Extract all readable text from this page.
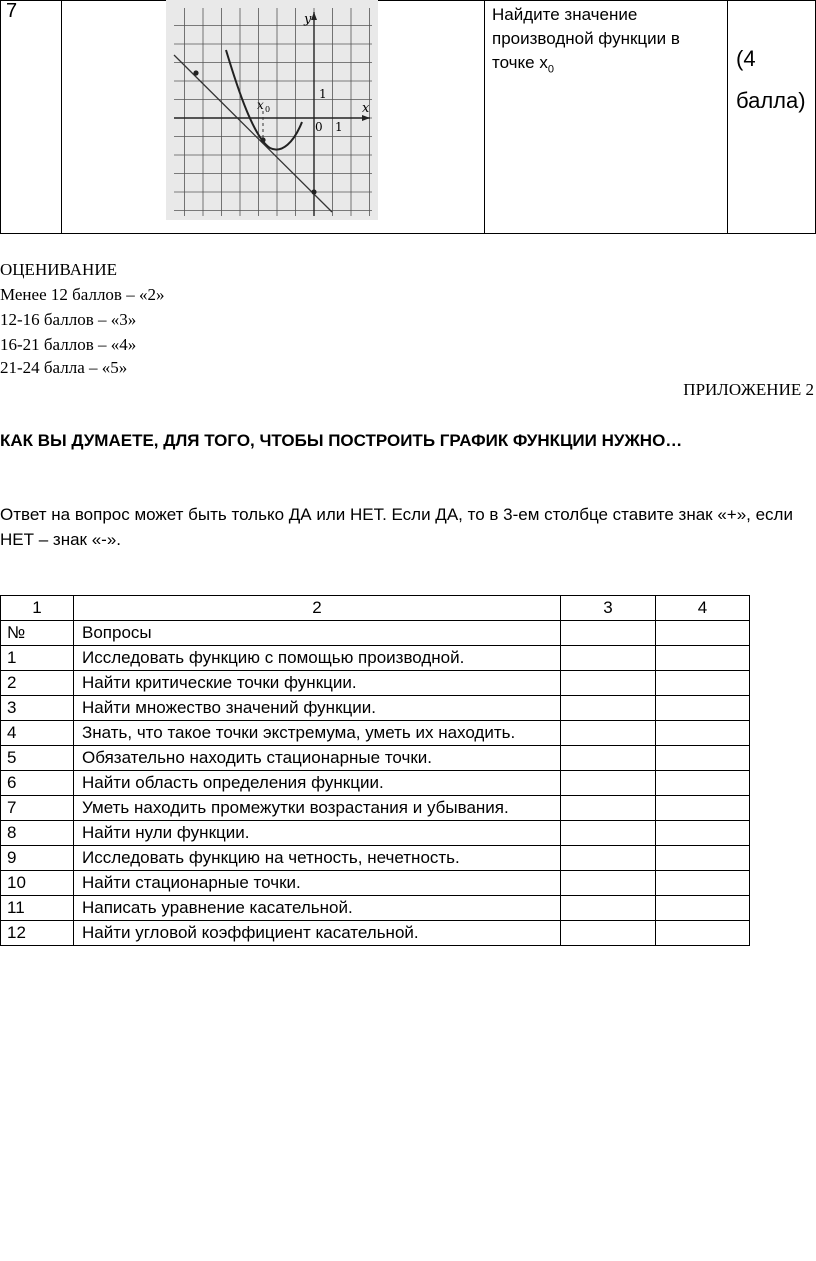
7	y
x
x 0
1
0 1
Найдите значение производной функции в точке $х_0$	(4
балла)
ОЦЕНИВАНИЕ
Менее 12 баллов – «2»
12-16 баллов – «3»
16-21 баллов – «4»
21-24 балла – «5»
ПРИЛОЖЕНИЕ 2
КАК ВЫ ДУМАЕТЕ, ДЛЯ ТОГО, ЧТОБЫ ПОСТРОИТЬ ГРАФИК ФУНКЦИИ НУЖНО…
Ответ на вопрос может быть только ДА или НЕТ. Если ДА, то в 3-ем столбце ставите знак «+», если НЕТ – знак «-».
1	2	3	4
№	Вопросы		
1	Исследовать функцию с помощью производной.		
2	Найти критические точки функции.		
3	Найти множество значений функции.		
4	Знать, что такое точки экстремума, уметь их находить.		
5	Обязательно находить стационарные точки.		
6	Найти область определения функции.		
7	Уметь находить промежутки возрастания и убывания.		
8	Найти нули функции.		
9	Исследовать функцию на четность, нечетность.		
10	Найти стационарные точки.		
11	Написать уравнение касательной.		
12	Найти угловой коэффициент касательной.		
